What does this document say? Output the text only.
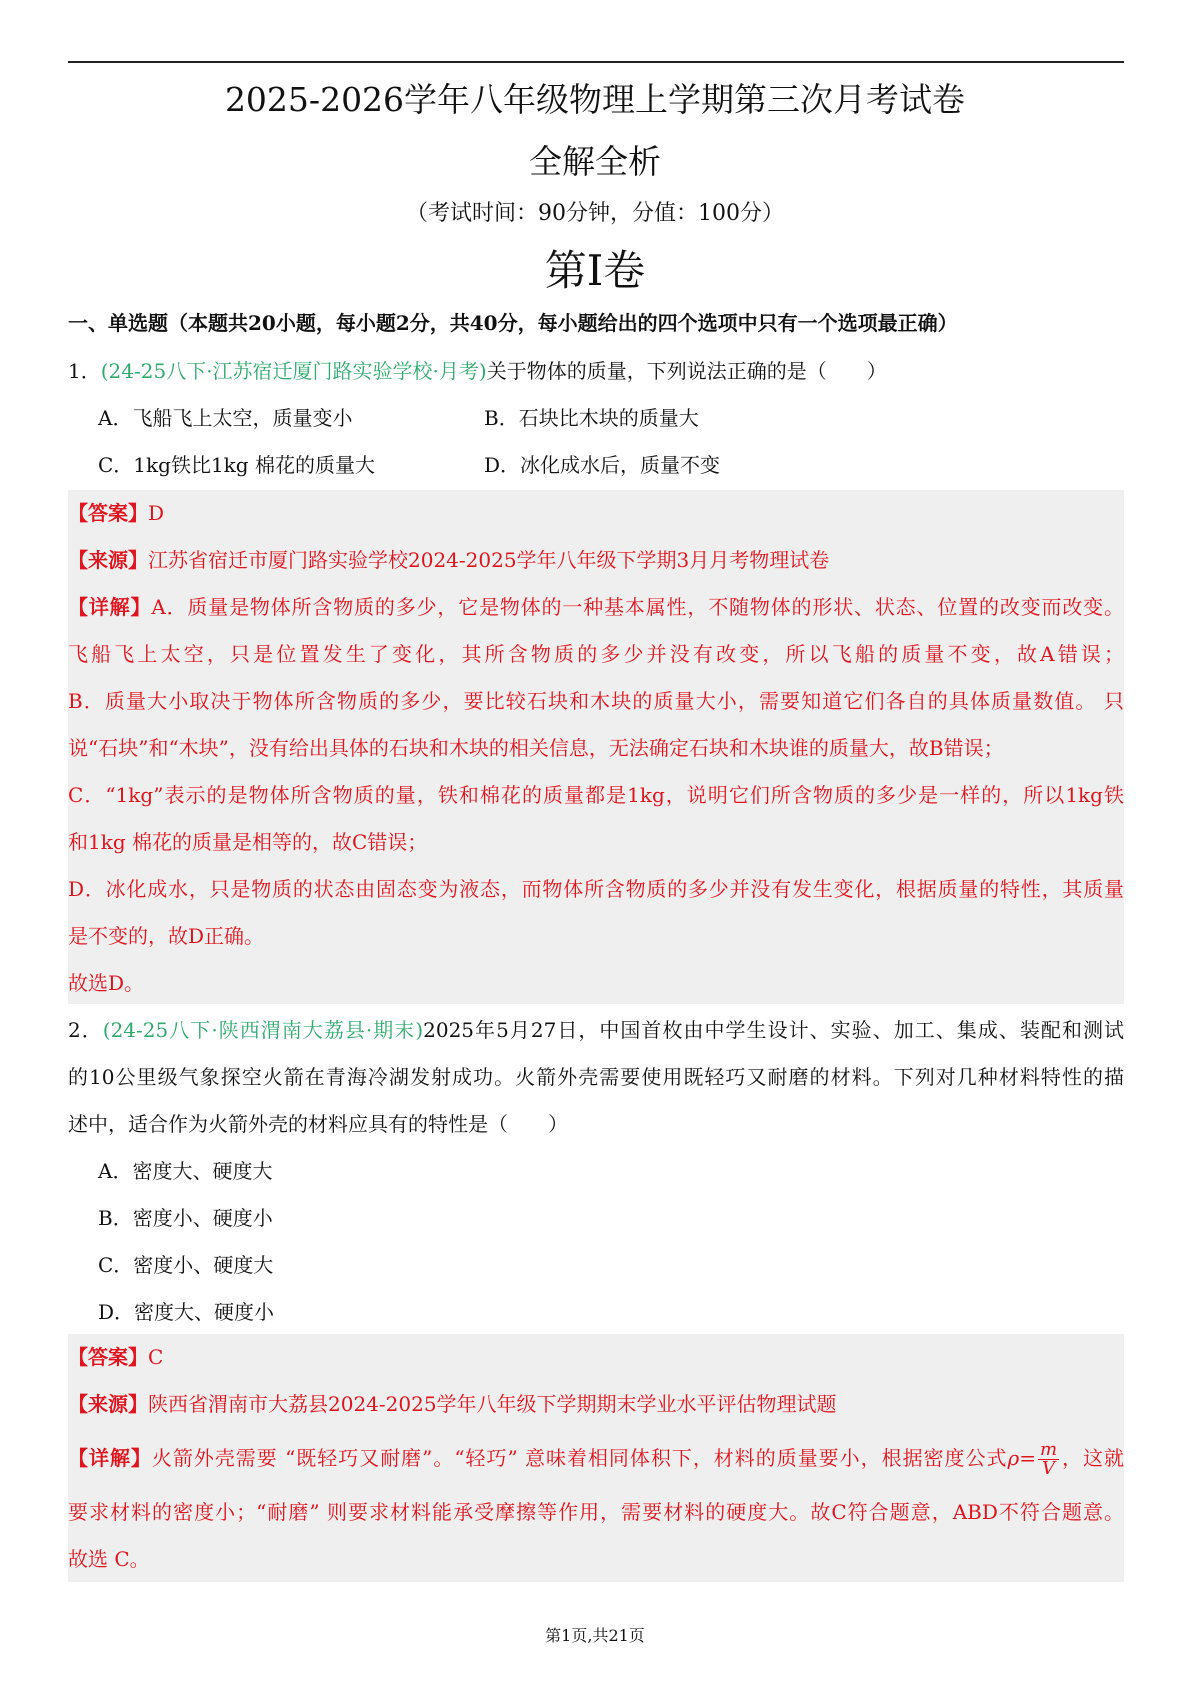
2025-2026学年八年级物理上学期第三次月考试卷
全解全析
（考试时间：90分钟，分值：100分）
第Ⅰ卷
一、单选题（本题共20小题，每小题2分，共40分，每小题给出的四个选项中只有一个选项最正确）
1．(24-25八下·江苏宿迁厦门路实验学校·月考)关于物体的质量，下列说法正确的是（　　）
A．飞船飞上太空，质量变小	B．石块比木块的质量大
C．1kg铁比1kg 棉花的质量大	D．冰化成水后，质量不变
【答案】D
【来源】江苏省宿迁市厦门路实验学校2024-2025学年八年级下学期3月月考物理试卷
【详解】A．质量是物体所含物质的多少，它是物体的一种基本属性，不随物体的形状、状态、位置的改变而改变。
飞船飞上太空，只是位置发生了变化，其所含物质的多少并没有改变，所以飞船的质量不变，故A错误；
B．质量大小取决于物体所含物质的多少，要比较石块和木块的质量大小，需要知道它们各自的具体质量数值。 只
说“石块”和“木块”，没有给出具体的石块和木块的相关信息，无法确定石块和木块谁的质量大，故B错误；
C．“1kg”表示的是物体所含物质的量，铁和棉花的质量都是1kg，说明它们所含物质的多少是一样的，所以1kg铁
和1kg 棉花的质量是相等的，故C错误；
D．冰化成水，只是物质的状态由固态变为液态，而物体所含物质的多少并没有发生变化，根据质量的特性，其质量
是不变的，故D正确。
故选D。
2．(24-25八下·陕西渭南大荔县·期末)2025年5月27日，中国首枚由中学生设计、实验、加工、集成、装配和测试
的10公里级气象探空火箭在青海冷湖发射成功。火箭外壳需要使用既轻巧又耐磨的材料。下列对几种材料特性的描
述中，适合作为火箭外壳的材料应具有的特性是（　　）
A．密度大、硬度大
B．密度小、硬度小
C．密度小、硬度大
D．密度大、硬度小
【答案】C
【来源】陕西省渭南市大荔县2024-2025学年八年级下学期期末学业水平评估物理试题
【详解】火箭外壳需要 “既轻巧又耐磨”。“轻巧” 意味着相同体积下，材料的质量要小，根据密度公式$\rho= \frac{m}{V}$ ，这就
要求材料的密度小；“耐磨” 则要求材料能承受摩擦等作用，需要材料的硬度大。故C符合题意，ABD不符合题意。
故选 C。
第1页,共21页
